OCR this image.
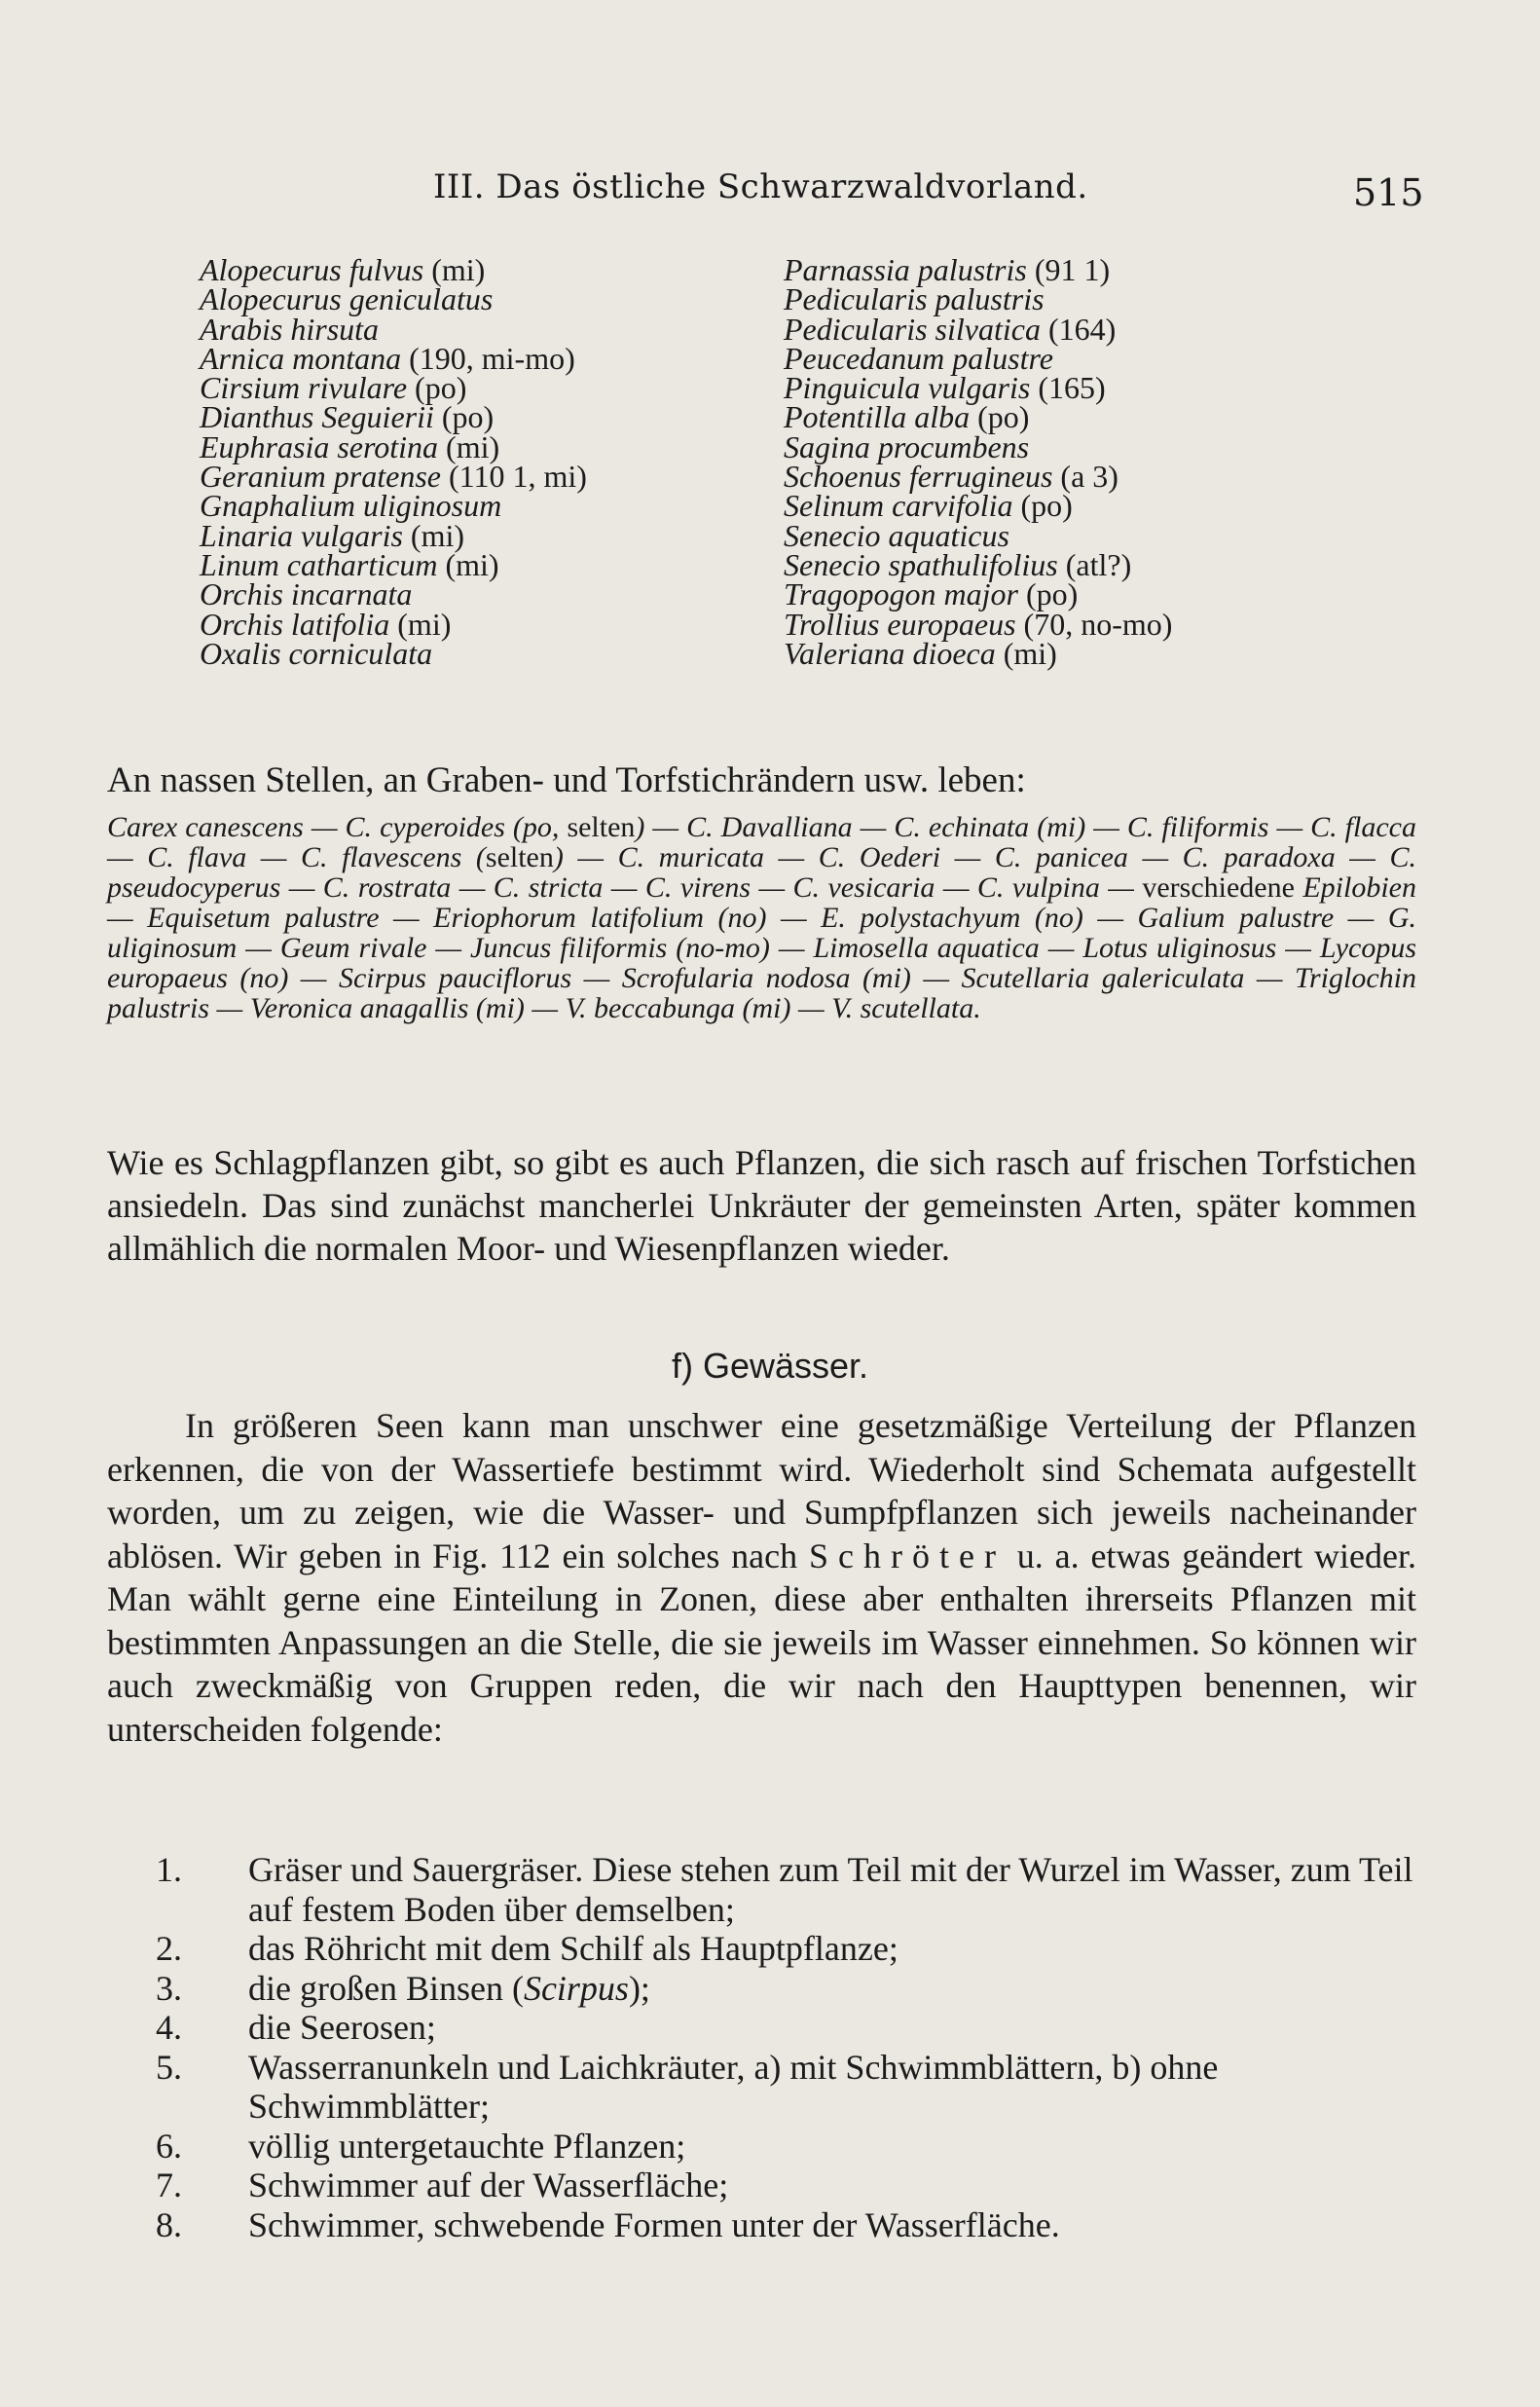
III. Das östliche Schwarzwaldvorland.	515
Alopecurus fulvus (mi)
Alopecurus geniculatus
Arabis hirsuta
Arnica montana (190, mi-mo)
Cirsium rivulare (po)
Dianthus Seguierii (po)
Euphrasia serotina (mi)
Geranium pratense (110 1, mi)
Gnaphalium uliginosum
Linaria vulgaris (mi)
Linum catharticum (mi)
Orchis incarnata
Orchis latifolia (mi)
Oxalis corniculata
Parnassia palustris (91 1)
Pedicularis palustris
Pedicularis silvatica (164)
Peucedanum palustre
Pinguicula vulgaris (165)
Potentilla alba (po)
Sagina procumbens
Schoenus ferrugineus (a 3)
Selinum carvifolia (po)
Senecio aquaticus
Senecio spathulifolius (atl?)
Tragopogon major (po)
Trollius europaeus (70, no-mo)
Valeriana dioeca (mi)
An nassen Stellen, an Graben- und Torfstichrändern usw. leben:
Carex canescens — C. cyperoides (po, selten) — C. Davalliana — C. echinata (mi) — C. filiformis — C. flacca — C. flava — C. flavescens (selten) — C. muricata — C. Oederi — C. panicea — C. paradoxa — C. pseudocyperus — C. rostrata — C. stricta — C. virens — C. vesicaria — C. vulpina — verschiedene Epilobien — Equisetum palustre — Eriophorum latifolium (no) — E. polystachyum (no) — Galium palustre — G. uliginosum — Geum rivale — Juncus filiformis (no-mo) — Limosella aquatica — Lotus uliginosus — Lycopus europaeus (no) — Scirpus pauciflorus — Scrofularia nodosa (mi) — Scutellaria galericulata — Triglochin palustris — Veronica anagallis (mi) — V. beccabunga (mi) — V. scutellata.
Wie es Schlagpflanzen gibt, so gibt es auch Pflanzen, die sich rasch auf frischen Torfstichen ansiedeln. Das sind zunächst mancherlei Unkräuter der gemeinsten Arten, später kommen allmählich die normalen Moor- und Wiesenpflanzen wieder.
f) Gewässer.
In größeren Seen kann man unschwer eine gesetzmäßige Verteilung der Pflanzen erkennen, die von der Wassertiefe bestimmt wird. Wiederholt sind Schemata aufgestellt worden, um zu zeigen, wie die Wasser- und Sumpfpflanzen sich jeweils nacheinander ablösen. Wir geben in Fig. 112 ein solches nach Schröter u. a. etwas geändert wieder. Man wählt gerne eine Einteilung in Zonen, diese aber enthalten ihrerseits Pflanzen mit bestimmten Anpassungen an die Stelle, die sie jeweils im Wasser einnehmen. So können wir auch zweckmäßig von Gruppen reden, die wir nach den Haupttypen benennen, wir unterscheiden folgende:
1. Gräser und Sauergräser. Diese stehen zum Teil mit der Wurzel im Wasser, zum Teil auf festem Boden über demselben;
2. das Röhricht mit dem Schilf als Hauptpflanze;
3. die großen Binsen (Scirpus);
4. die Seerosen;
5. Wasserranunkeln und Laichkräuter, a) mit Schwimmblättern, b) ohne Schwimmblätter;
6. völlig untergetauchte Pflanzen;
7. Schwimmer auf der Wasserfläche;
8. Schwimmer, schwebende Formen unter der Wasserfläche.
